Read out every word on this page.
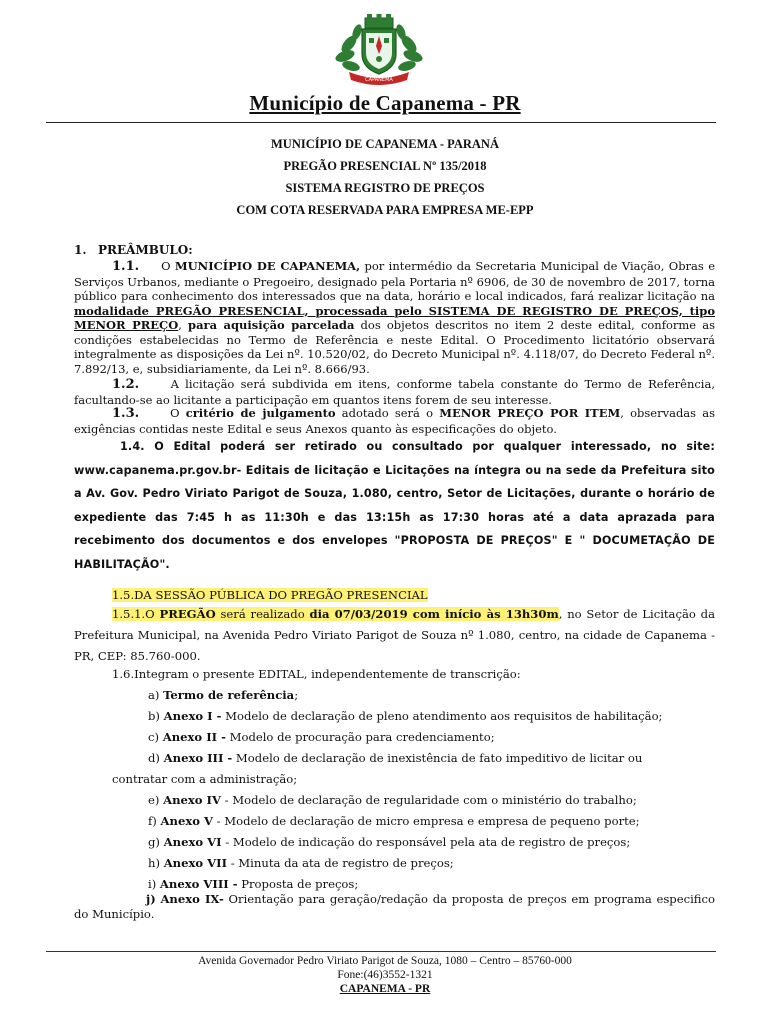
CAPANEMA
Município de Capanema - PR
MUNICÍPIO DE CAPANEMA - PARANÁ
PREGÃO PRESENCIAL Nº 135/2018
SISTEMA REGISTRO DE PREÇOS
COM COTA RESERVADA PARA EMPRESA ME-EPP
1. PREÂMBULO:
1.1. O MUNICÍPIO DE CAPANEMA, por intermédio da Secretaria Municipal de Viação, Obras e Serviços Urbanos, mediante o Pregoeiro, designado pela Portaria nº 6906, de 30 de novembro de 2017, torna público para conhecimento dos interessados que na data, horário e local indicados, fará realizar licitação na modalidade PREGÃO PRESENCIAL, processada pelo SISTEMA DE REGISTRO DE PREÇOS, tipo MENOR PREÇO, para aquisição parcelada dos objetos descritos no item 2 deste edital, conforme as condições estabelecidas no Termo de Referência e neste Edital. O Procedimento licitatório observará integralmente as disposições da Lei nº. 10.520/02, do Decreto Municipal nº. 4.118/07, do Decreto Federal nº. 7.892/13, e, subsidiariamente, da Lei nº. 8.666/93.
1.2.	A licitação será subdivida em itens, conforme tabela constante do Termo de Referência, facultando-se ao licitante a participação em quantos itens forem de seu interesse.
1.3.	O critério de julgamento adotado será o MENOR PREÇO POR ITEM, observadas as exigências contidas neste Edital e seus Anexos quanto às especificações do objeto.
1.4. O Edital poderá ser retirado ou consultado por qualquer interessado, no site: www.capanema.pr.gov.br- Editais de licitação e Licitações na íntegra ou na sede da Prefeitura sito a Av. Gov. Pedro Viriato Parigot de Souza, 1.080, centro, Setor de Licitações, durante o horário de expediente das 7:45 h as 11:30h e das 13:15h as 17:30 horas até a data aprazada para recebimento dos documentos e dos envelopes "PROPOSTA DE PREÇOS" E " DOCUMETAÇÃO DE HABILITAÇÃO".
1.5.DA SESSÃO PÚBLICA DO PREGÃO PRESENCIAL
1.5.1.O PREGÃO será realizado dia 07/03/2019 com início às 13h30m, no Setor de Licitação da Prefeitura Municipal, na Avenida Pedro Viriato Parigot de Souza nº 1.080, centro, na cidade de Capanema - PR, CEP: 85.760-000.
1.6.Integram o presente EDITAL, independentemente de transcrição:
a) Termo de referência;
b) Anexo I - Modelo de declaração de pleno atendimento aos requisitos de habilitação;
c) Anexo II - Modelo de procuração para credenciamento;
d) Anexo III - Modelo de declaração de inexistência de fato impeditivo de licitar ou
contratar com a administração;
e) Anexo IV - Modelo de declaração de regularidade com o ministério do trabalho;
f) Anexo V - Modelo de declaração de micro empresa e empresa de pequeno porte;
g) Anexo VI - Modelo de indicação do responsável pela ata de registro de preços;
h) Anexo VII - Minuta da ata de registro de preços;
i) Anexo VIII - Proposta de preços;
j) Anexo IX- Orientação para geração/redação da proposta de preços em programa especifico do Município.
Avenida Governador Pedro Viriato Parigot de Souza, 1080 – Centro – 85760-000
Fone:(46)3552-1321
CAPANEMA - PR
